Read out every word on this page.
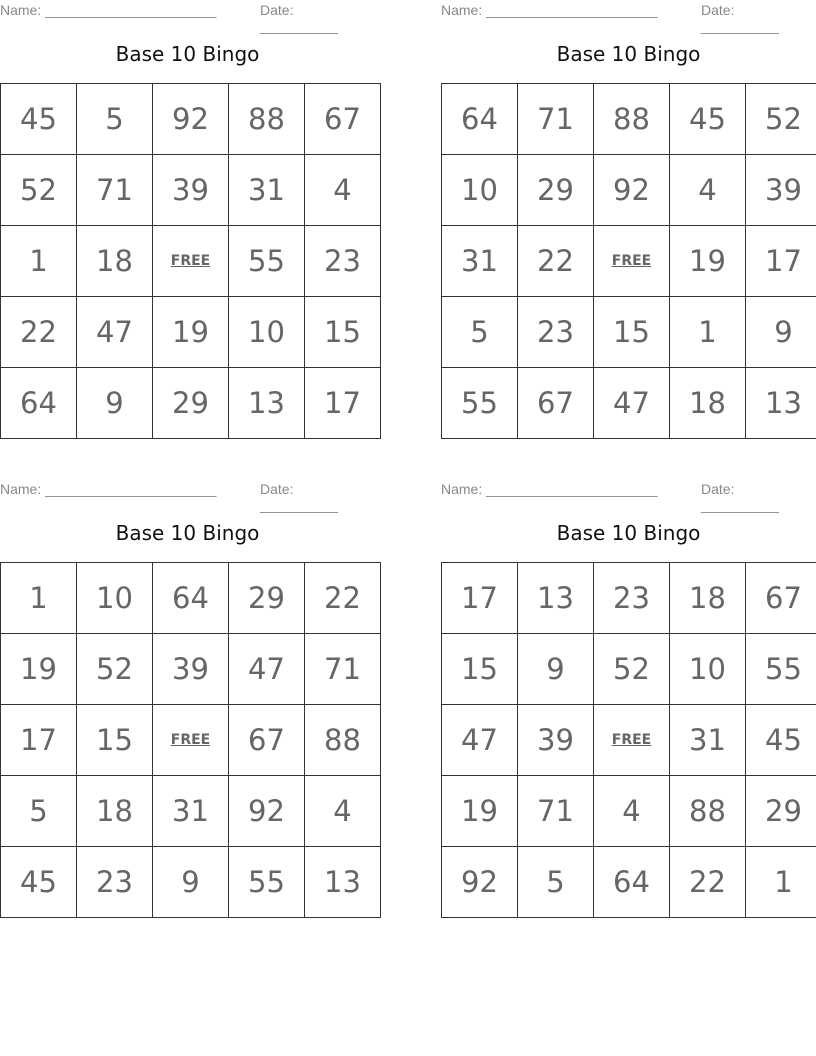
Name: ______________________	Date: __________
Base 10 Bingo
45	5	92	88	67
52	71	39	31	4
1	18	FREE	55	23
22	47	19	10	15
64	9	29	13	17
Name: ______________________	Date: __________
Base 10 Bingo
64	71	88	45	52
10	29	92	4	39
31	22	FREE	19	17
5	23	15	1	9
55	67	47	18	13
Name: ______________________	Date: __________
Base 10 Bingo
1	10	64	29	22
19	52	39	47	71
17	15	FREE	67	88
5	18	31	92	4
45	23	9	55	13
Name: ______________________	Date: __________
Base 10 Bingo
17	13	23	18	67
15	9	52	10	55
47	39	FREE	31	45
19	71	4	88	29
92	5	64	22	1
